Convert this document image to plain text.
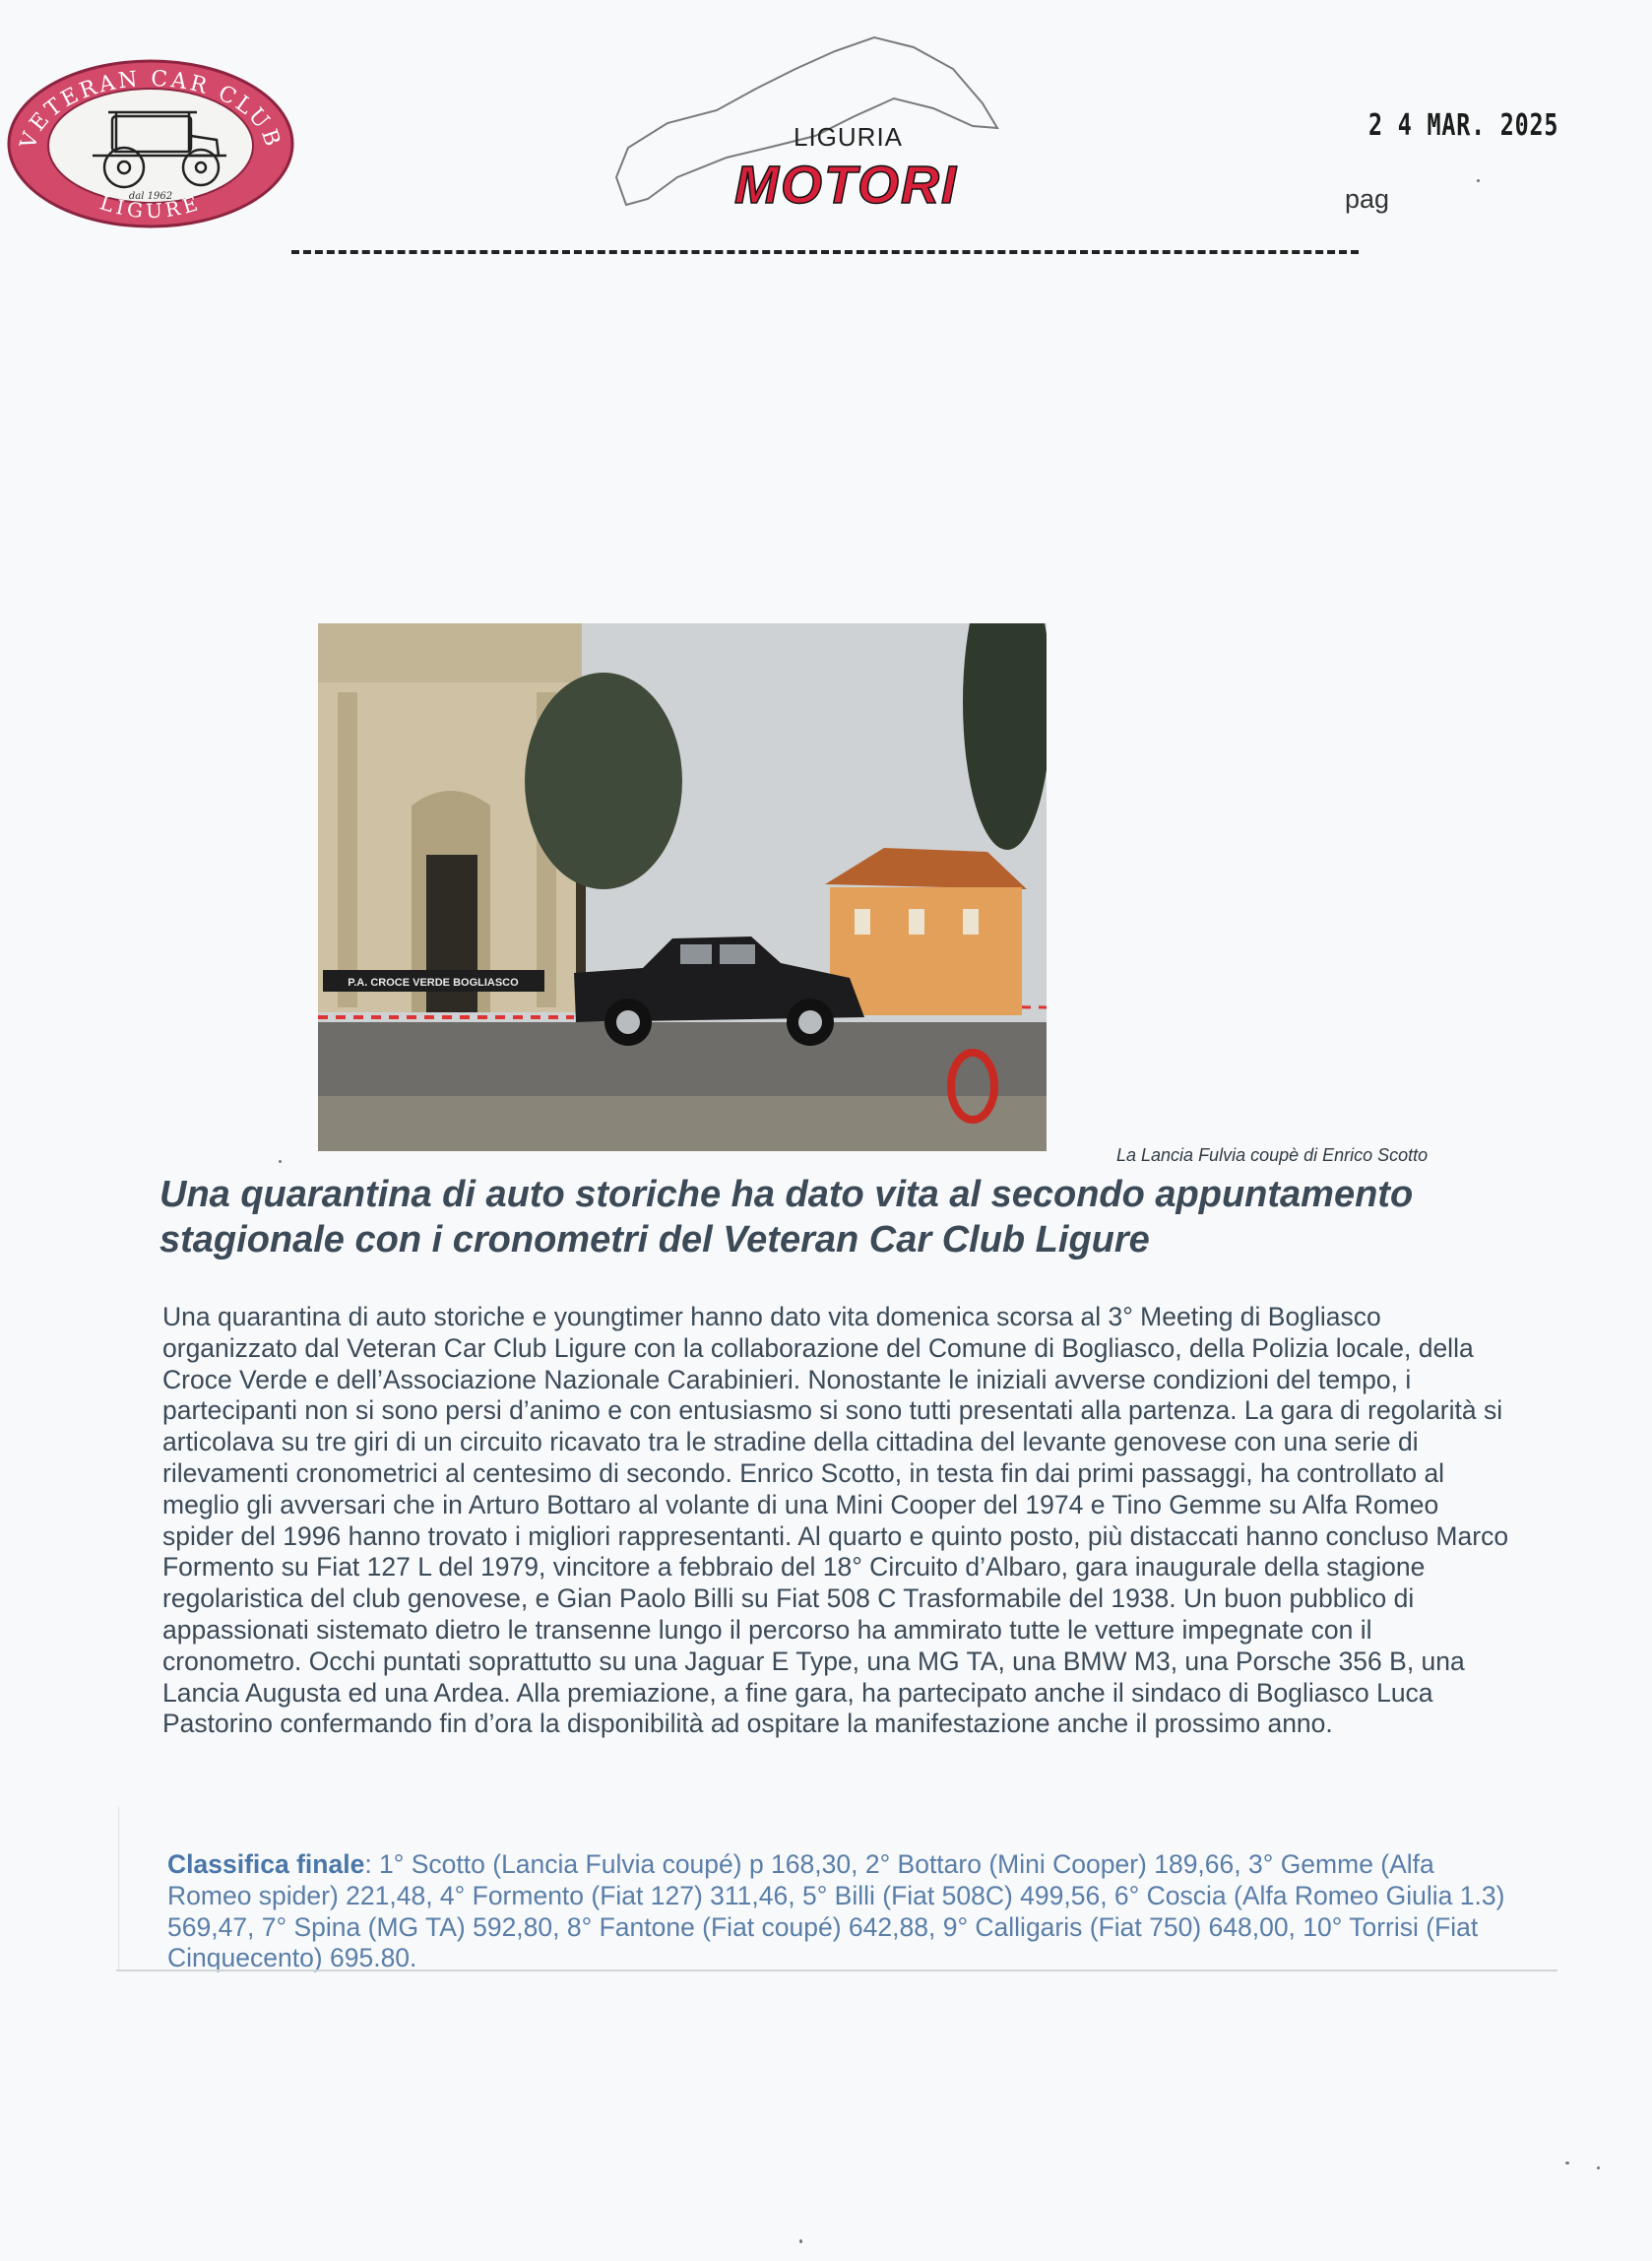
VETERAN CAR CLUB
LIGURE
dal 1962
LIGURIA
MOTORI
2 4 MAR. 2025
pag
P.A. CROCE VERDE BOGLIASCO
La Lancia Fulvia coupè di Enrico Scotto
Una quarantina di auto storiche ha dato vita al secondo appuntamento stagionale con i cronometri del Veteran Car Club Ligure
Una quarantina di auto storiche e youngtimer hanno dato vita domenica scorsa al 3° Meeting di Bogliasco organizzato dal Veteran Car Club Ligure con la collaborazione del Comune di Bogliasco, della Polizia locale, della Croce Verde e dell’Associazione Nazionale Carabinieri. Nonostante le iniziali avverse condizioni del tempo, i partecipanti non si sono persi d’animo e con entusiasmo si sono tutti presentati alla partenza. La gara di regolarità si articolava su tre giri di un circuito ricavato tra le stradine della cittadina del levante genovese con una serie di rilevamenti cronometrici al centesimo di secondo. Enrico Scotto, in testa fin dai primi passaggi, ha controllato al meglio gli avversari che in Arturo Bottaro al volante di una Mini Cooper del 1974 e Tino Gemme su Alfa Romeo spider del 1996 hanno trovato i migliori rappresentanti. Al quarto e quinto posto, più distaccati hanno concluso Marco Formento su Fiat 127 L del 1979, vincitore a febbraio del 18° Circuito d’Albaro, gara inaugurale della stagione regolaristica del club genovese, e Gian Paolo Billi su Fiat 508 C Trasformabile del 1938. Un buon pubblico di appassionati sistemato dietro le transenne lungo il percorso ha ammirato tutte le vetture impegnate con il cronometro. Occhi puntati soprattutto su una Jaguar E Type, una MG TA, una BMW M3, una Porsche 356 B, una Lancia Augusta ed una Ardea. Alla premiazione, a fine gara, ha partecipato anche il sindaco di Bogliasco Luca Pastorino confermando fin d’ora la disponibilità ad ospitare la manifestazione anche il prossimo anno.
Classifica finale: 1° Scotto (Lancia Fulvia coupé) p 168,30, 2° Bottaro (Mini Cooper) 189,66, 3° Gemme (Alfa Romeo spider) 221,48, 4° Formento (Fiat 127) 311,46, 5° Billi (Fiat 508C) 499,56, 6° Coscia (Alfa Romeo Giulia 1.3) 569,47, 7° Spina (MG TA) 592,80, 8° Fantone (Fiat coupé) 642,88, 9° Calligaris (Fiat 750) 648,00, 10° Torrisi (Fiat Cinquecento) 695.80.
